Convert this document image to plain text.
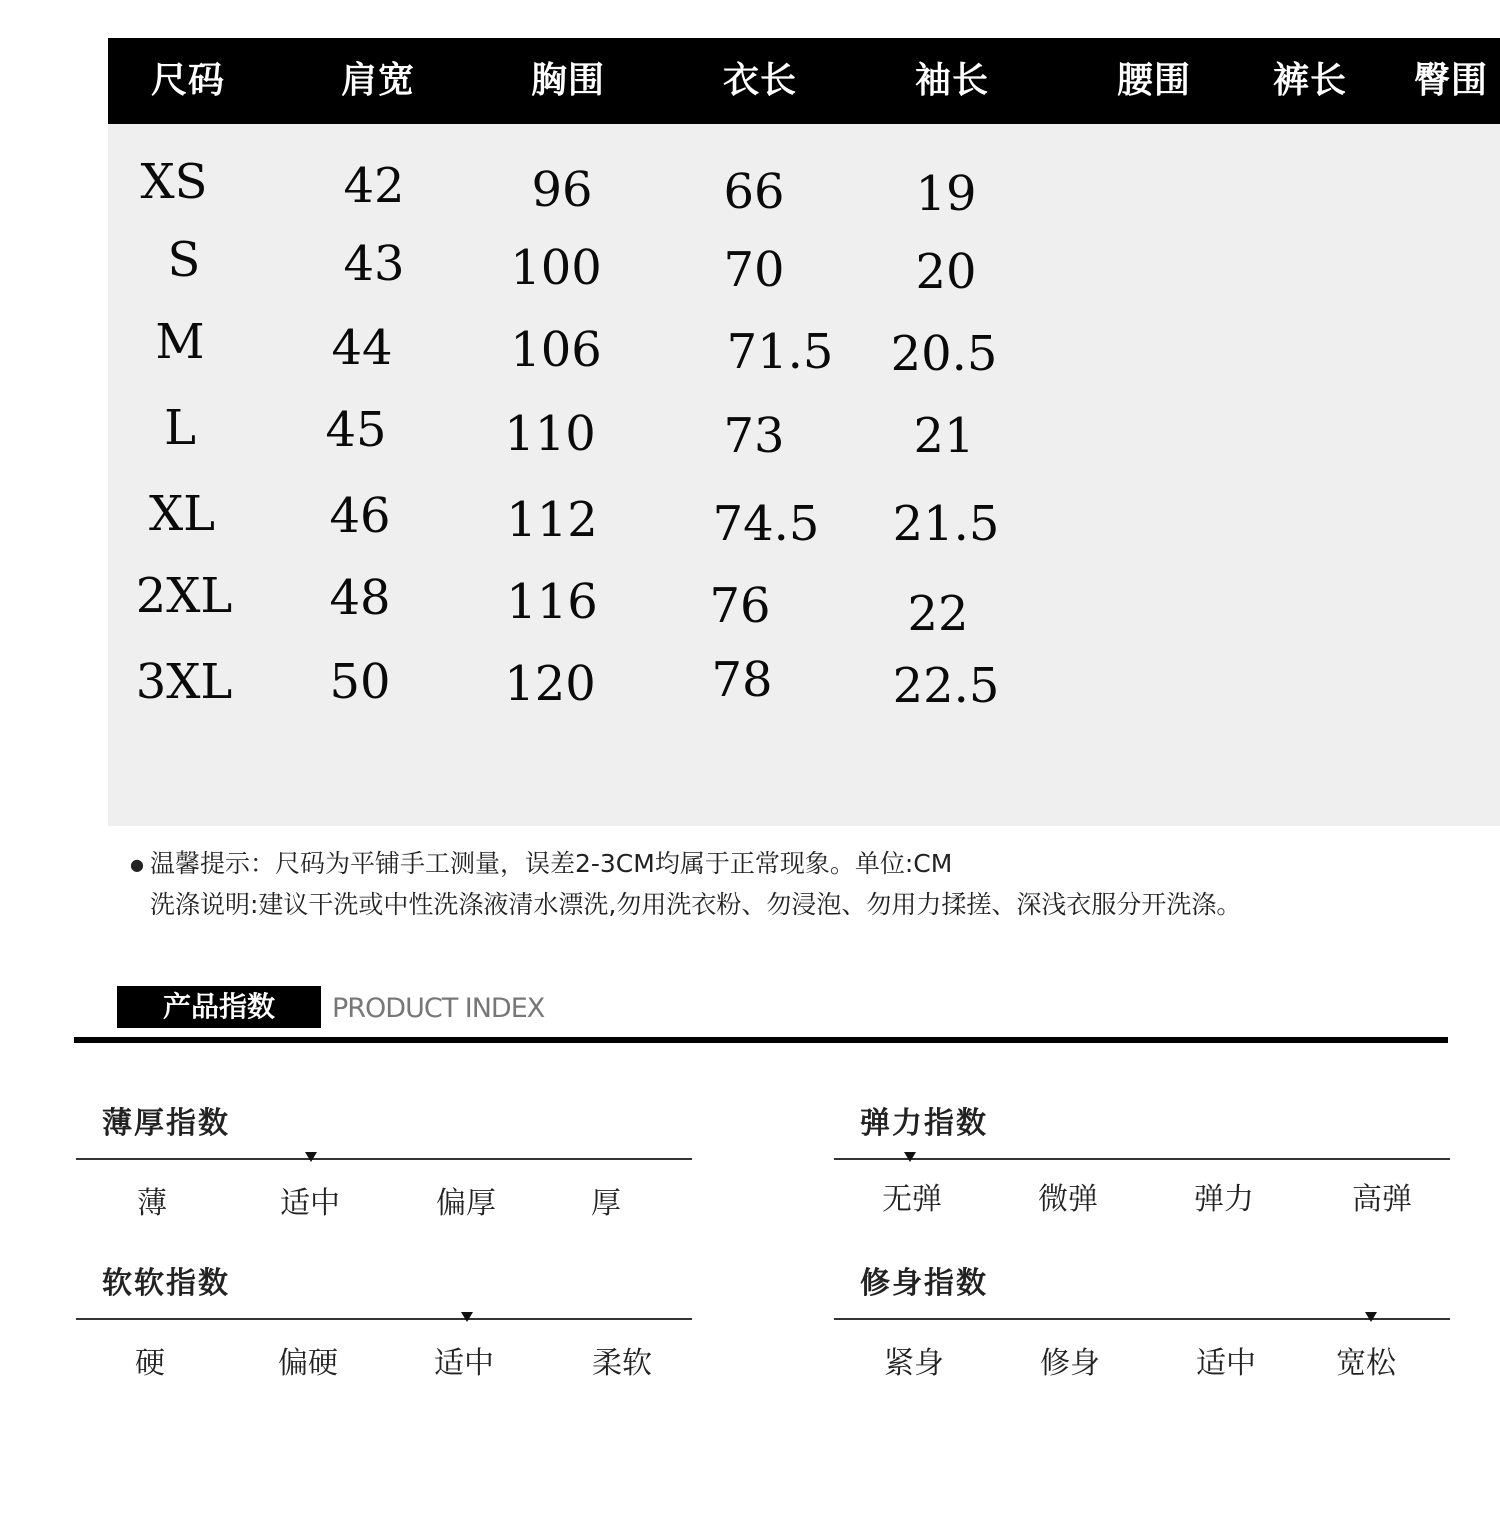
尺码	肩宽	胸围	衣长	袖长	腰围	裤长	臀围
XS	42	96	66	19
S	43	100	70	20
M	44	106	71.5	20.5
L	45	110	73	21
XL	46	112	74.5	21.5
2XL	48	116	76	22
3XL	50	120	78	22.5
● 温馨提示：尺码为平铺手工测量，误差2-3CM均属于正常现象。单位:CM
洗涤说明:建议干洗或中性洗涤液清水漂洗,勿用洗衣粉、勿浸泡、勿用力揉搓、深浅衣服分开洗涤。
产品指数	PRODUCT INDEX
薄厚指数
薄	适中	偏厚	厚
弹力指数
无弹	微弹	弹力	高弹
软软指数
硬	偏硬	适中	柔软
修身指数
紧身	修身	适中	宽松
